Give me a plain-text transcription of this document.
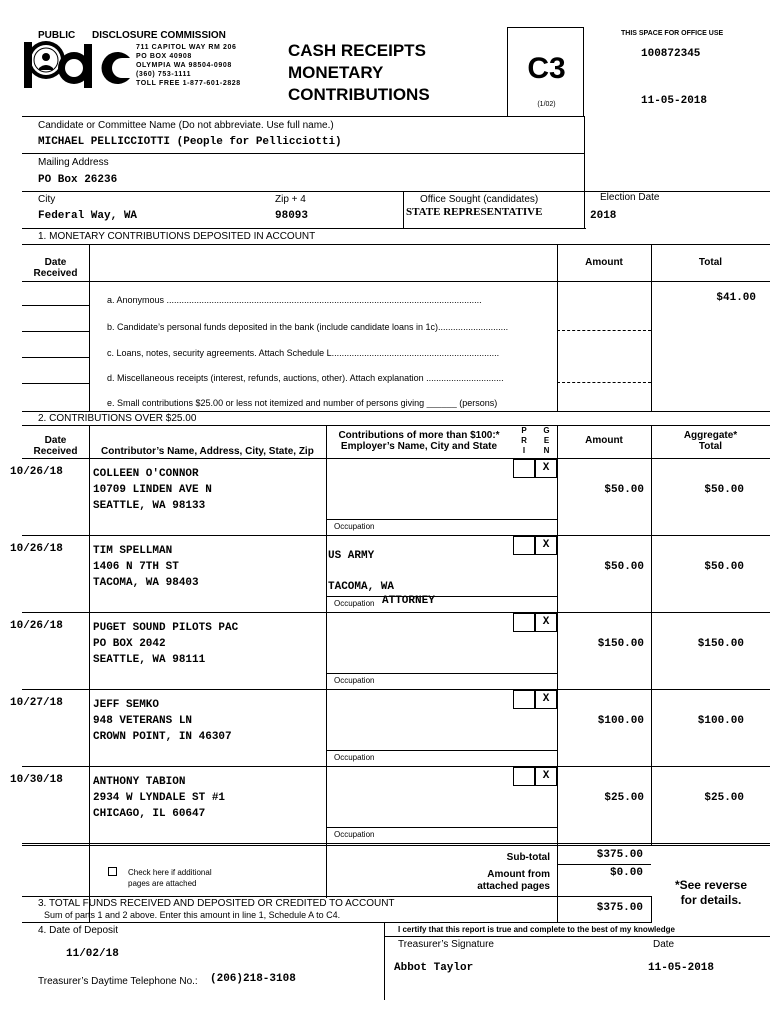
PUBLIC DISCLOSURE COMMISSION
711 CAPITOL WAY RM 206
PO BOX 40908
OLYMPIA WA 98504-0908
(360) 753-1111
TOLL FREE 1-877-601-2828
CASH RECEIPTS
MONETARY
CONTRIBUTIONS
C3
(1/02)
THIS SPACE FOR OFFICE USE
100872345
11-05-2018
Candidate or Committee Name (Do not abbreviate. Use full name.)
MICHAEL PELLICCIOTTI (People for Pellicciotti)
Mailing Address
PO Box 26236
City
Federal Way, WA
Zip + 4
98093
Office Sought (candidates)
STATE REPRESENTATIVE
Election Date
2018
1. MONETARY CONTRIBUTIONS DEPOSITED IN ACCOUNT
Date
Received
Amount	Total
a. Anonymous ..............................................................................................................................	$41.00
b. Candidate’s personal funds deposited in the bank (include candidate loans in 1c)............................
c. Loans, notes, security agreements. Attach Schedule L...................................................................
d. Miscellaneous receipts (interest, refunds, auctions, other). Attach explanation ...............................
e. Small contributions $25.00 or less not itemized and number of persons giving ______ (persons)
2. CONTRIBUTIONS OVER $25.00
Date
Received	Contributor’s Name, Address, City, State, Zip
Contributions of more than $100:*
Employer’s Name, City and State
P
R
I
G
E
N
Amount	Aggregate*
Total
10/26/18	COLLEEN O'CONNOR
10709 LINDEN AVE N
SEATTLE, WA 98133
X
Occupation
$50.00	$50.00
10/26/18	TIM SPELLMAN
1406 N 7TH ST
TACOMA, WA 98403
US ARMY
TACOMA, WA
X
Occupation ATTORNEY
$50.00	$50.00
10/26/18	PUGET SOUND PILOTS PAC
PO BOX 2042
SEATTLE, WA 98111
X
Occupation
$150.00	$150.00
10/27/18	JEFF SEMKO
948 VETERANS LN
CROWN POINT, IN 46307
X
Occupation
$100.00	$100.00
10/30/18	ANTHONY TABION
2934 W LYNDALE ST #1
CHICAGO, IL 60647
X
Occupation
$25.00	$25.00
Check here if additional
pages are attached
Sub-total	$375.00
Amount from
attached pages
$0.00
*See reverse
for details.
3. TOTAL FUNDS RECEIVED AND DEPOSITED OR CREDITED TO ACCOUNT
Sum of parts 1 and 2 above. Enter this amount in line 1, Schedule A to C4.
$375.00
4. Date of Deposit
11/02/18
I certify that this report is true and complete to the best of my knowledge
Treasurer’s Signature	Date
Abbot Taylor	11-05-2018
Treasurer’s Daytime Telephone No.: (206)218-3108
